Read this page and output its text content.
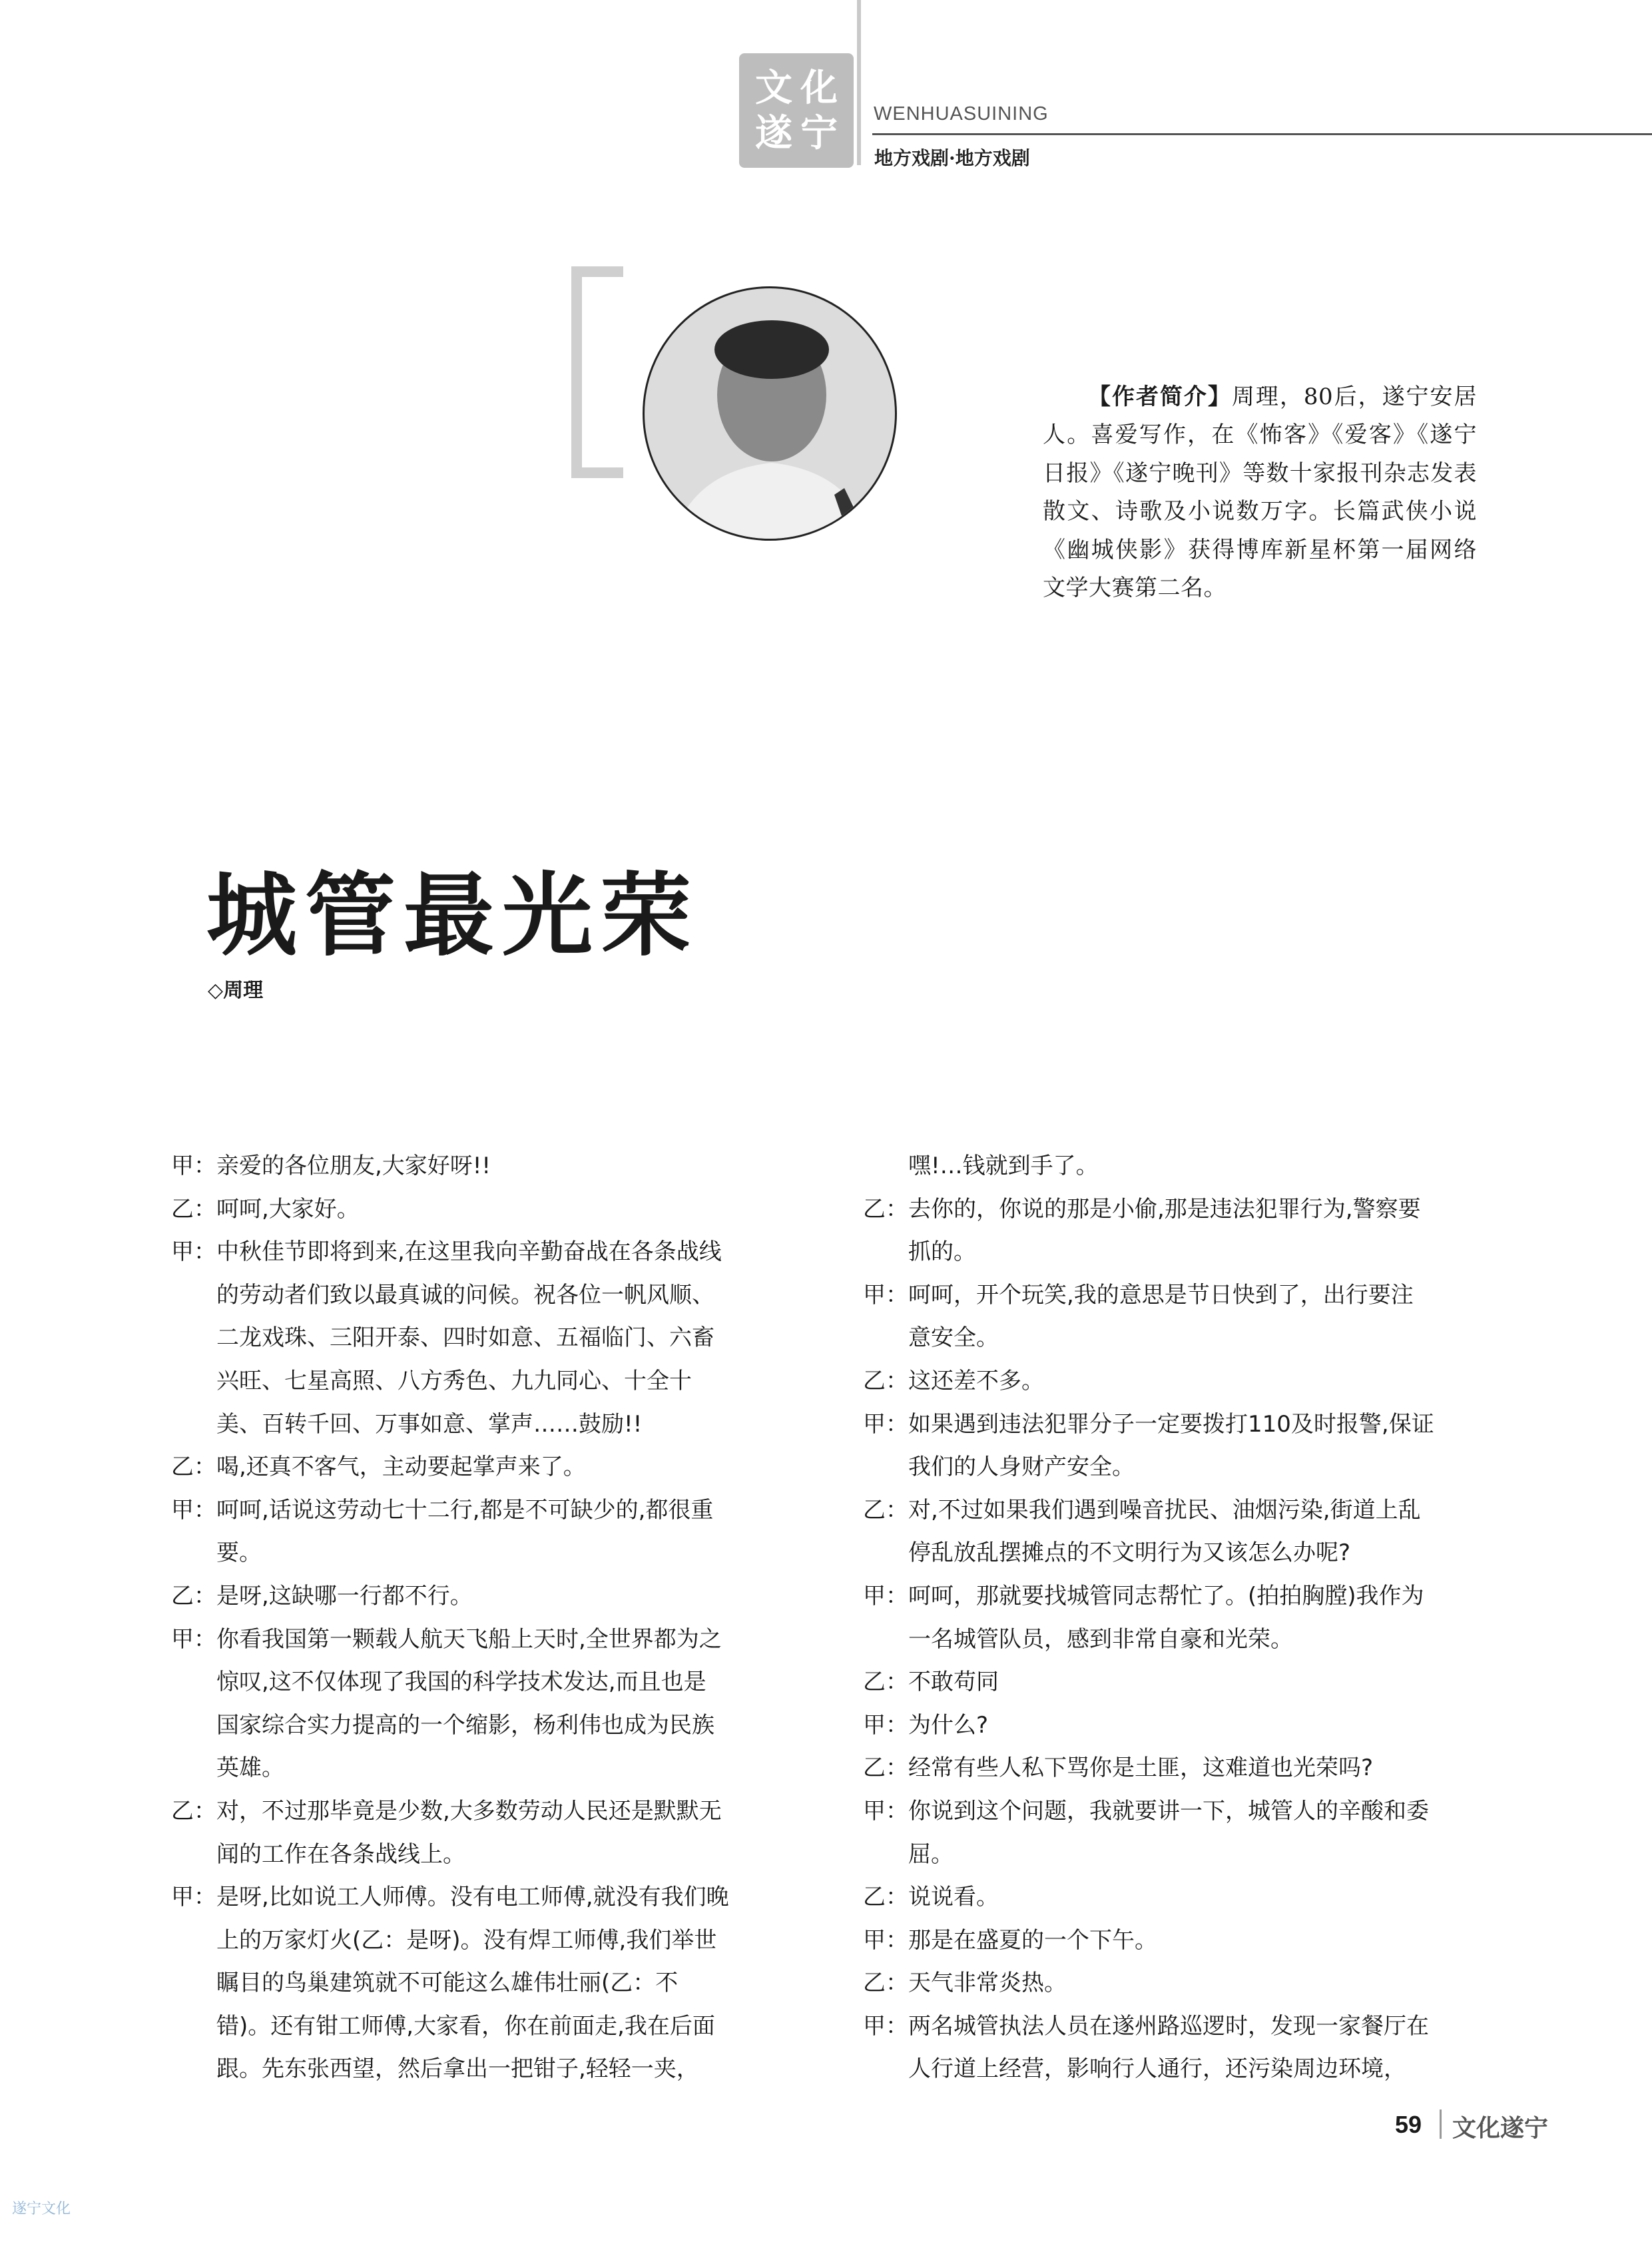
文 化
遂 宁 WENHUASUINING
地方戏剧·地方戏剧

【作者简介】周理，80后，遂宁安居人。喜爱写作，在《怖客》《爱客》《遂宁日报》《遂宁晚刊》等数十家报刊杂志发表散文、诗歌及小说数万字。长篇武侠小说《幽城侠影》获得博库新星杯第一届网络文学大赛第二名。

城管最光荣
◇周理
甲： 亲爱的各位朋友,大家好呀!!
乙： 呵呵,大家好。
甲： 中秋佳节即将到来,在这里我向辛勤奋战在各条战线
的劳动者们致以最真诚的问候。祝各位一帆风顺、
二龙戏珠、三阳开泰、四时如意、五福临门、六畜
兴旺、七星高照、八方秀色、九九同心、十全十
美、百转千回、万事如意、掌声……鼓励!!
乙： 喝,还真不客气，主动要起掌声来了。
甲： 呵呵,话说这劳动七十二行,都是不可缺少的,都很重
要。
乙： 是呀,这缺哪一行都不行。
甲： 你看我国第一颗载人航天飞船上天时,全世界都为之
惊叹,这不仅体现了我国的科学技术发达,而且也是
国家综合实力提高的一个缩影，杨利伟也成为民族
英雄。
乙： 对，不过那毕竟是少数,大多数劳动人民还是默默无
闻的工作在各条战线上。
甲： 是呀,比如说工人师傅。没有电工师傅,就没有我们晚
上的万家灯火(乙：是呀)。没有焊工师傅,我们举世
瞩目的鸟巢建筑就不可能这么雄伟壮丽(乙：不
错)。还有钳工师傅,大家看，你在前面走,我在后面
跟。先东张西望，然后拿出一把钳子,轻轻一夹，
嘿!…钱就到手了。
乙： 去你的，你说的那是小偷,那是违法犯罪行为,警察要
抓的。
甲： 呵呵，开个玩笑,我的意思是节日快到了，出行要注
意安全。
乙： 这还差不多。
甲： 如果遇到违法犯罪分子一定要拨打110及时报警,保证
我们的人身财产安全。
乙： 对,不过如果我们遇到噪音扰民、油烟污染,街道上乱
停乱放乱摆摊点的不文明行为又该怎么办呢?
甲： 呵呵，那就要找城管同志帮忙了。(拍拍胸膛)我作为
一名城管队员，感到非常自豪和光荣。
乙： 不敢苟同
甲： 为什么?
乙： 经常有些人私下骂你是土匪，这难道也光荣吗?
甲： 你说到这个问题，我就要讲一下，城管人的辛酸和委
屈。
乙： 说说看。
甲： 那是在盛夏的一个下午。
乙： 天气非常炎热。
甲： 两名城管执法人员在遂州路巡逻时，发现一家餐厅在
人行道上经营，影响行人通行，还污染周边环境，
59 文化遂宁
遂宁文化
